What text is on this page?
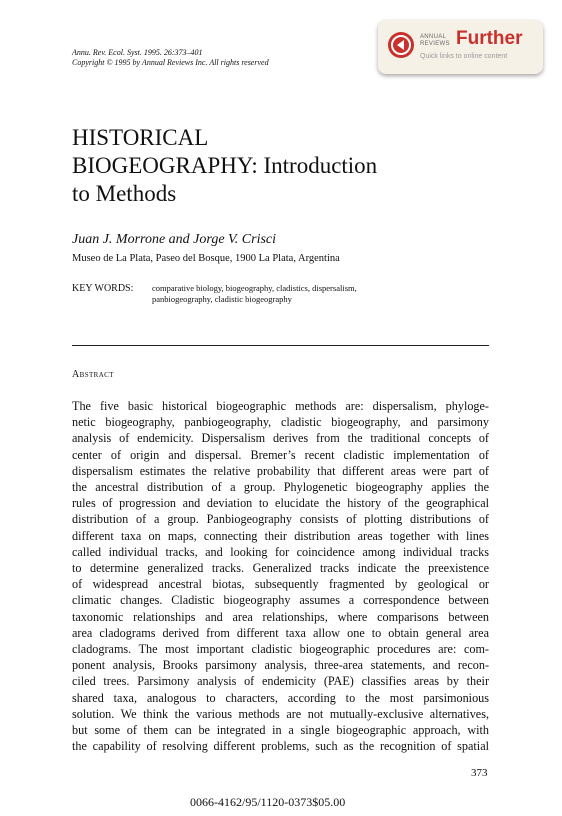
Annu. Rev. Ecol. Syst. 1995. 26:373–401
Copyright © 1995 by Annual Reviews Inc. All rights reserved
ANNUAL
REVIEWS Further
Quick links to online content
HISTORICAL
BIOGEOGRAPHY: Introduction
to Methods
Juan J. Morrone and Jorge V. Crisci
Museo de La Plata, Paseo del Bosque, 1900 La Plata, Argentina
KEY WORDS: comparative biology, biogeography, cladistics, dispersalism,
panbiogeography, cladistic biogeography
Abstract
The five basic historical biogeographic methods are: dispersalism, phyloge-
netic biogeography, panbiogeography, cladistic biogeography, and parsimony
analysis of endemicity. Dispersalism derives from the traditional concepts of
center of origin and dispersal. Bremer’s recent cladistic implementation of
dispersalism estimates the relative probability that different areas were part of
the ancestral distribution of a group. Phylogenetic biogeography applies the
rules of progression and deviation to elucidate the history of the geographical
distribution of a group. Panbiogeography consists of plotting distributions of
different taxa on maps, connecting their distribution areas together with lines
called individual tracks, and looking for coincidence among individual tracks
to determine generalized tracks. Generalized tracks indicate the preexistence
of widespread ancestral biotas, subsequently fragmented by geological or
climatic changes. Cladistic biogeography assumes a correspondence between
taxonomic relationships and area relationships, where comparisons between
area cladograms derived from different taxa allow one to obtain general area
cladograms. The most important cladistic biogeographic procedures are: com-
ponent analysis, Brooks parsimony analysis, three-area statements, and recon-
ciled trees. Parsimony analysis of endemicity (PAE) classifies areas by their
shared taxa, analogous to characters, according to the most parsimonious
solution. We think the various methods are not mutually-exclusive alternatives,
but some of them can be integrated in a single biogeographic approach, with
the capability of resolving different problems, such as the recognition of spatial
373
0066-4162/95/1120-0373$05.00
